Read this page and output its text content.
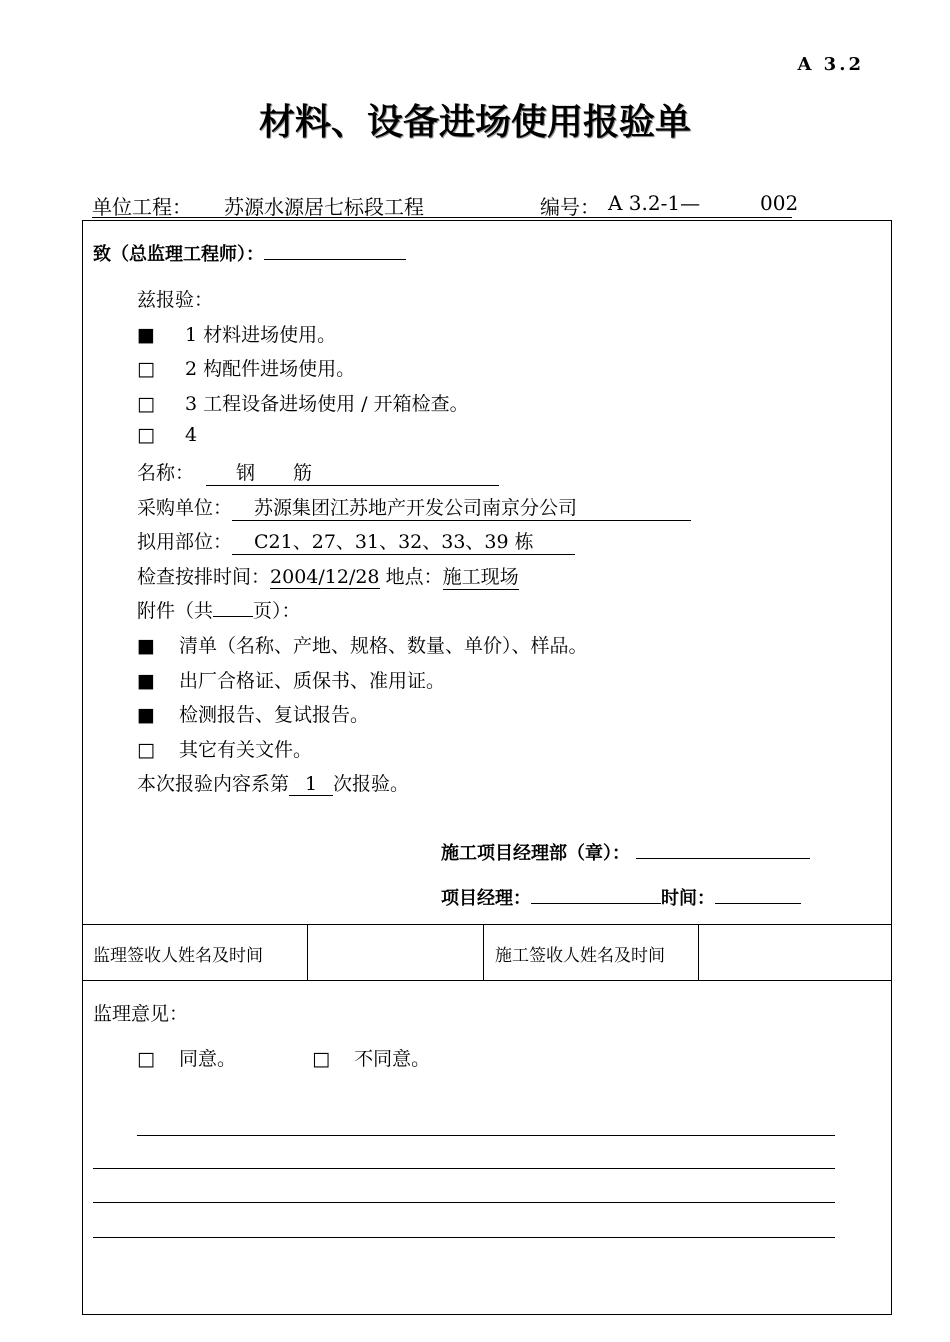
A 3.2
材料、设备进场使用报验单
单位工程： 苏源水源居七标段工程	编号： A 3.2-1—	002
致（总监理工程师）：
兹报验：
■ 1 材料进场使用。
□ 2 构配件进场使用。
□ 3 工程设备进场使用 / 开箱检查。
□ 4
名称： 钢　　筋
采购单位： 苏源集团江苏地产开发公司南京分公司
拟用部位： C21、27、31、32、33、39 栋
检查按排时间：2004/12/28 地点：施工现场
附件（共 页）：
■ 清单（名称、产地、规格、数量、单价）、样品。
■ 出厂合格证、质保书、准用证。
■ 检测报告、复试报告。
□ 其它有关文件。
本次报验内容系第 1 次报验。
施工项目经理部（章）：
项目经理：	时间：
监理签收人姓名及时间	施工签收人姓名及时间
监理意见：
□ 同意。	□ 不同意。
